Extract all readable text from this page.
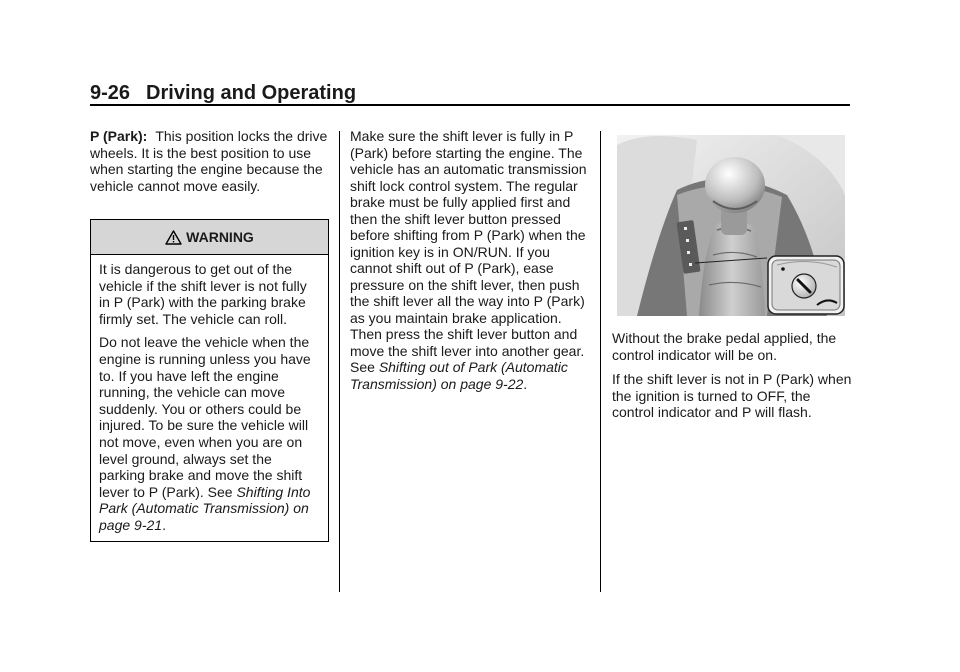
9-26 Driving and Operating

P (Park): This position locks the drive wheels. It is the best position to use when starting the engine because the vehicle cannot move easily.

WARNING

It is dangerous to get out of the vehicle if the shift lever is not fully in P (Park) with the parking brake firmly set. The vehicle can roll.

Do not leave the vehicle when the engine is running unless you have to. If you have left the engine running, the vehicle can move suddenly. You or others could be injured. To be sure the vehicle will not move, even when you are on level ground, always set the parking brake and move the shift lever to P (Park). See Shifting Into Park (Automatic Transmission) on page 9-21.

Make sure the shift lever is fully in P (Park) before starting the engine. The vehicle has an automatic transmission shift lock control system. The regular brake must be fully applied first and then the shift lever button pressed before shifting from P (Park) when the ignition key is in ON/RUN. If you cannot shift out of P (Park), ease pressure on the shift lever, then push the shift lever all the way into P (Park) as you maintain brake application. Then press the shift lever button and move the shift lever into another gear. See Shifting out of Park (Automatic Transmission) on page 9-22.

Without the brake pedal applied, the control indicator will be on.

If the shift lever is not in P (Park) when the ignition is turned to OFF, the control indicator and P will flash.
